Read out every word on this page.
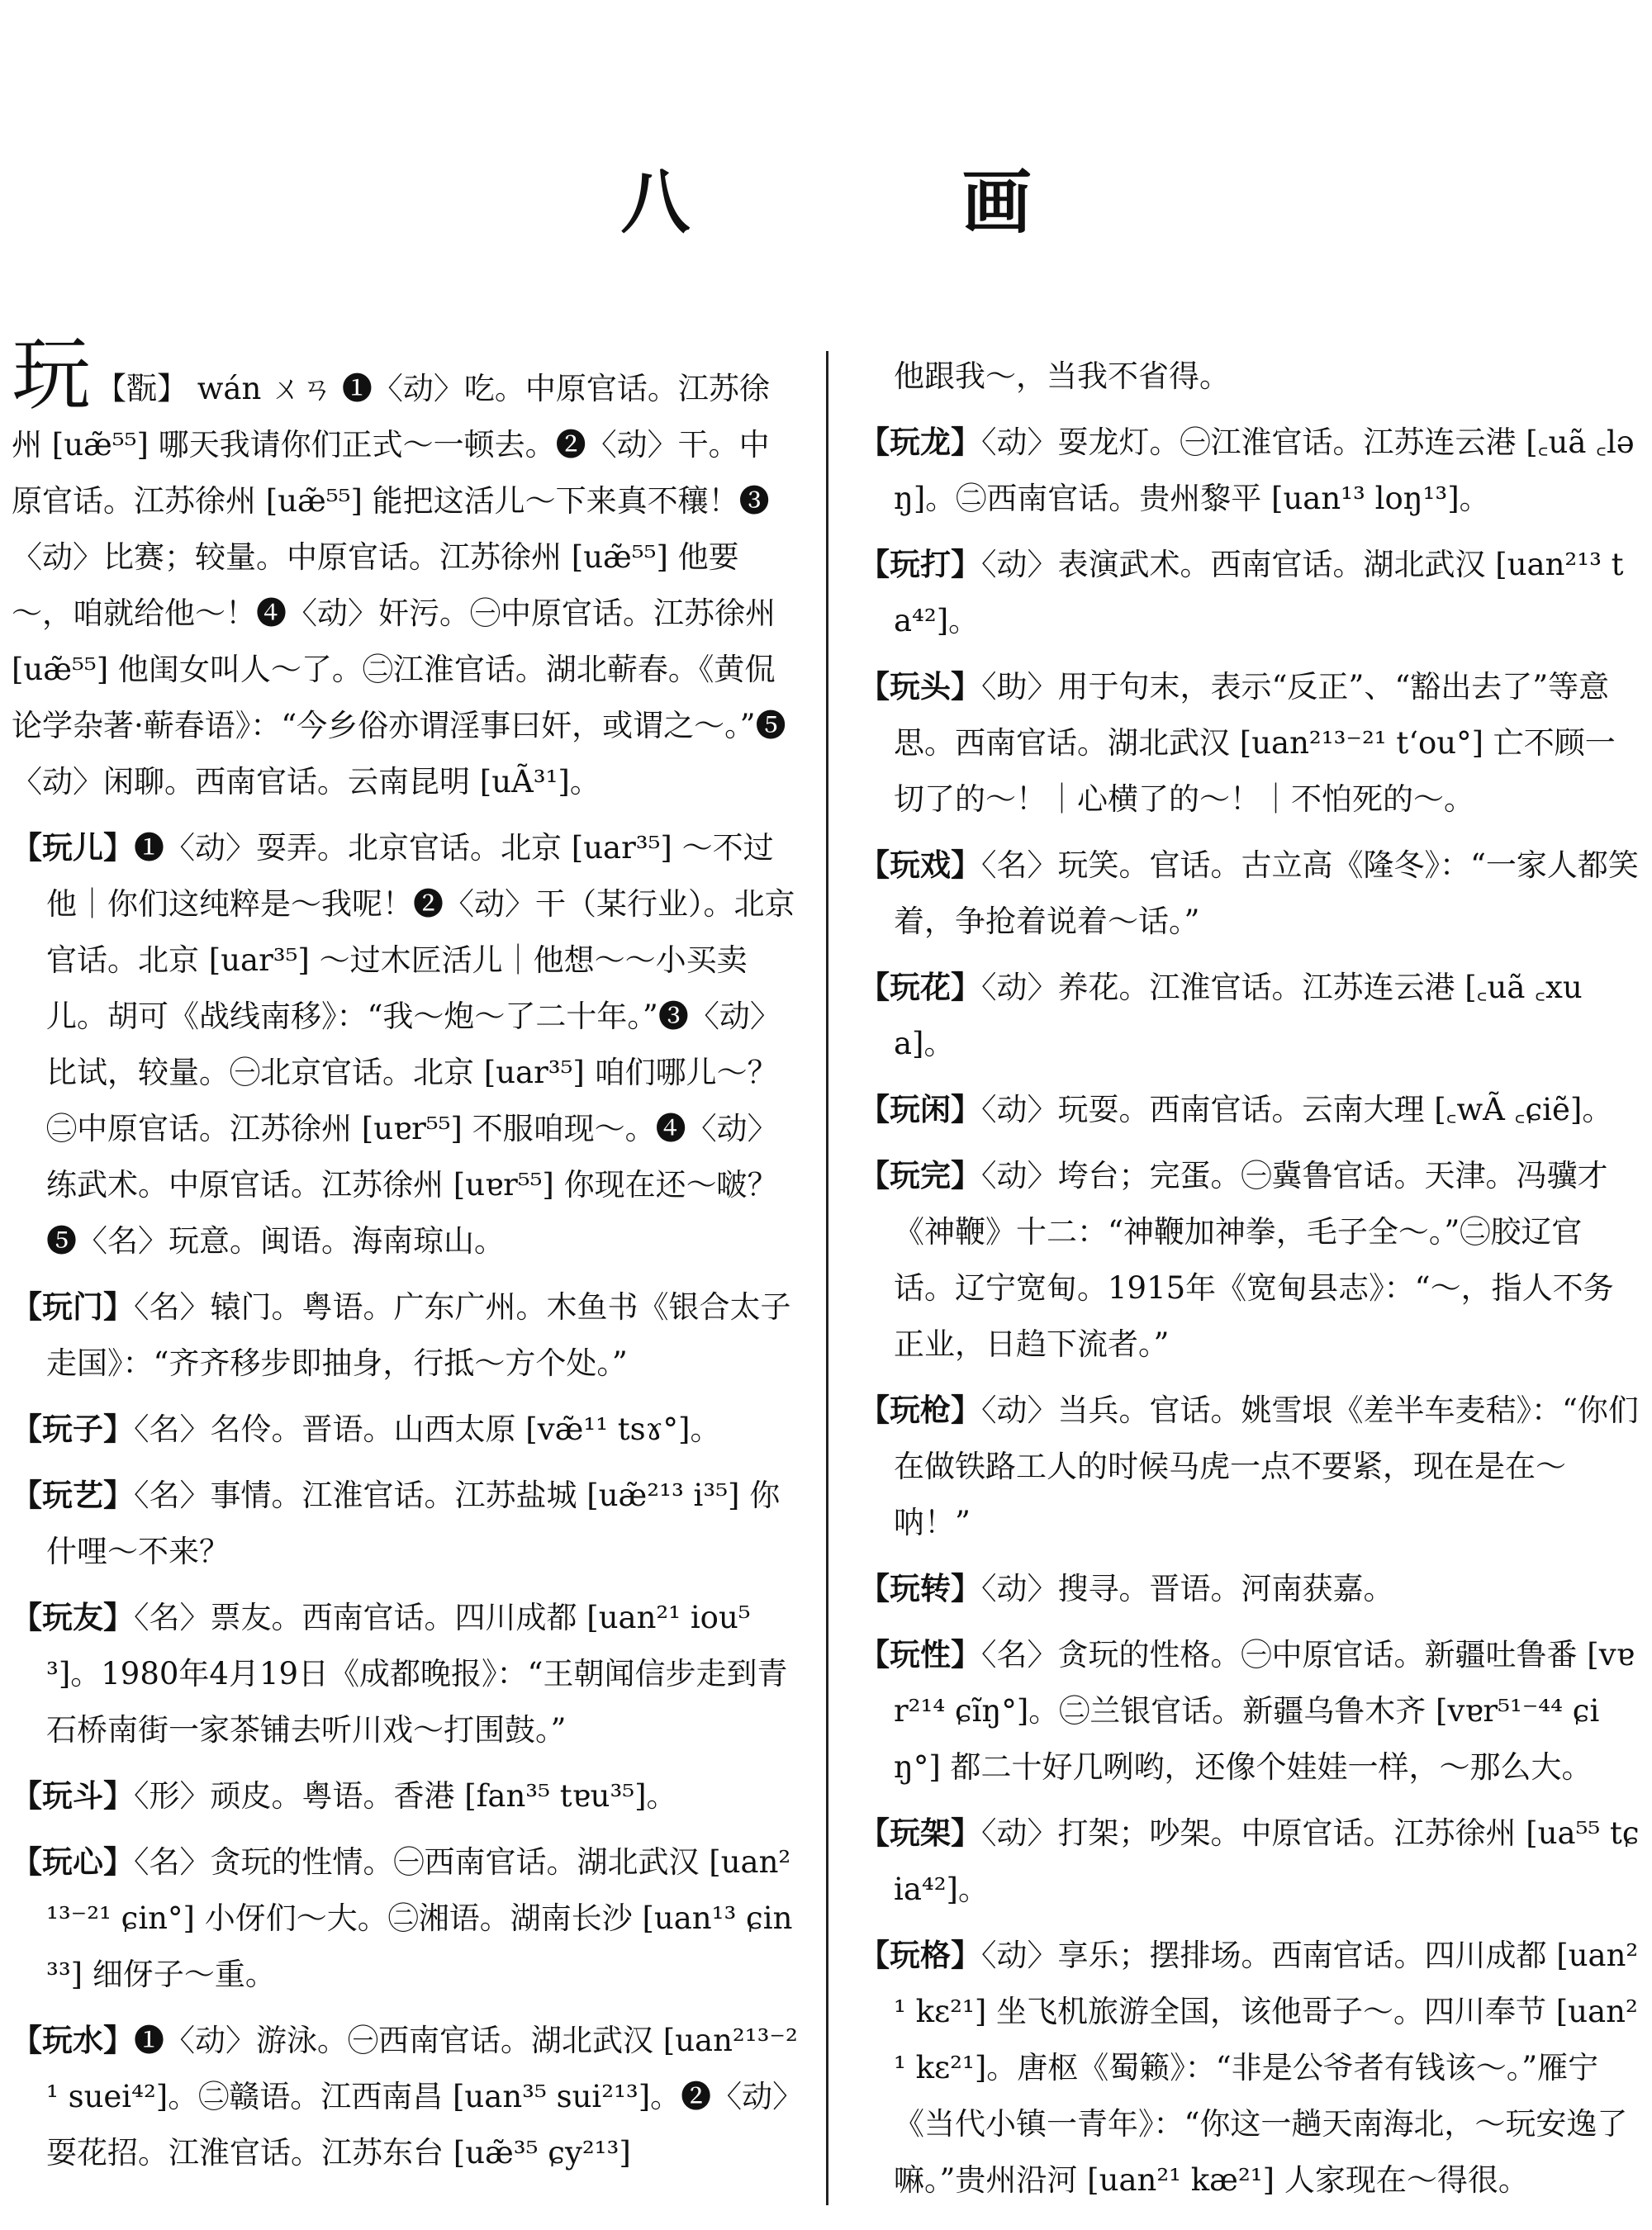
八 画

玩 【翫】 wán ㄨㄢ ❶〈动〉吃。中原官话。江苏徐州 [uæ̃⁵⁵] 哪天我请你们正式～一顿去。❷〈动〉干。中原官话。江苏徐州 [uæ̃⁵⁵] 能把这活儿～下来真不穰！❸〈动〉比赛；较量。中原官话。江苏徐州 [uæ̃⁵⁵] 他要～，咱就给他～！❹〈动〉奸污。㊀中原官话。江苏徐州 [uæ̃⁵⁵] 他闺女叫人～了。㊁江淮官话。湖北蕲春。《黄侃论学杂著·蕲春语》：“今乡俗亦谓淫事曰奸，或谓之～。”❺〈动〉闲聊。西南官话。云南昆明 [uÃ³¹]。

【玩儿】❶〈动〉耍弄。北京官话。北京 [uar³⁵] ～不过他｜你们这纯粹是～我呢！❷〈动〉干（某行业）。北京官话。北京 [uar³⁵] ～过木匠活儿｜他想～～小买卖儿。胡可《战线南移》：“我～炮～了二十年。”❸〈动〉比试，较量。㊀北京官话。北京 [uar³⁵] 咱们哪儿～？㊁中原官话。江苏徐州 [uɐr⁵⁵] 不服咱现～。❹〈动〉练武术。中原官话。江苏徐州 [uɐr⁵⁵] 你现在还～啵？❺〈名〉玩意。闽语。海南琼山。

【玩门】〈名〉辕门。粤语。广东广州。木鱼书《银合太子走国》：“齐齐移步即抽身，行抵～方个处。”

【玩子】〈名〉名伶。晋语。山西太原 [væ̃¹¹ tsɤ°]。

【玩艺】〈名〉事情。江淮官话。江苏盐城 [uæ̃²¹³ i³⁵] 你什哩～不来？

【玩友】〈名〉票友。西南官话。四川成都 [uan²¹ iou⁵³]。1980年4月19日《成都晚报》：“王朝闻信步走到青石桥南街一家茶铺去听川戏～打围鼓。”

【玩斗】〈形〉顽皮。粤语。香港 [fan³⁵ tɐu³⁵]。

【玩心】〈名〉贪玩的性情。㊀西南官话。湖北武汉 [uan²¹³⁻²¹ ɕin°] 小伢们～大。㊁湘语。湖南长沙 [uan¹³ ɕin³³] 细伢子～重。

【玩水】❶〈动〉游泳。㊀西南官话。湖北武汉 [uan²¹³⁻²¹ suei⁴²]。㊁赣语。江西南昌 [uan³⁵ sui²¹³]。❷〈动〉耍花招。江淮官话。江苏东台 [uæ̃³⁵ ɕy²¹³]

他跟我～，当我不省得。

【玩龙】〈动〉耍龙灯。㊀江淮官话。江苏连云港 [꜀uã ꜀ləŋ]。㊁西南官话。贵州黎平 [uan¹³ loŋ¹³]。

【玩打】〈动〉表演武术。西南官话。湖北武汉 [uan²¹³ ta⁴²]。

【玩头】〈助〉用于句末，表示“反正”、“豁出去了”等意思。西南官话。湖北武汉 [uan²¹³⁻²¹ tʻou°] 亡不顾一切了的～！｜心横了的～！｜不怕死的～。

【玩戏】〈名〉玩笑。官话。古立高《隆冬》：“一家人都笑着，争抢着说着～话。”

【玩花】〈动〉养花。江淮官话。江苏连云港 [꜀uã ꜀xua]。

【玩闲】〈动〉玩耍。西南官话。云南大理 [꜀wÃ ꜀ɕiẽ]。

【玩完】〈动〉垮台；完蛋。㊀冀鲁官话。天津。冯骥才《神鞭》十二：“神鞭加神拳，毛子全～。”㊁胶辽官话。辽宁宽甸。1915年《宽甸县志》：“～，指人不务正业，日趋下流者。”

【玩枪】〈动〉当兵。官话。姚雪垠《差半车麦秸》：“你们在做铁路工人的时候马虎一点不要紧，现在是在～呐！”

【玩转】〈动〉搜寻。晋语。河南获嘉。

【玩性】〈名〉贪玩的性格。㊀中原官话。新疆吐鲁番 [vɐr²¹⁴ ɕĩŋ°]。㊁兰银官话。新疆乌鲁木齐 [vɐr⁵¹⁻⁴⁴ ɕiŋ°] 都二十好几咧哟，还像个娃娃一样，～那么大。

【玩架】〈动〉打架；吵架。中原官话。江苏徐州 [ua⁵⁵ tɕia⁴²]。

【玩格】〈动〉享乐；摆排场。西南官话。四川成都 [uan²¹ kɛ²¹] 坐飞机旅游全国，该他哥子～。四川奉节 [uan²¹ kɛ²¹]。唐枢《蜀籁》：“非是公爷者有钱该～。”雁宁《当代小镇一青年》：“你这一趟天南海北，～玩安逸了嘛。”贵州沿河 [uan²¹ kæ²¹] 人家现在～得很。
